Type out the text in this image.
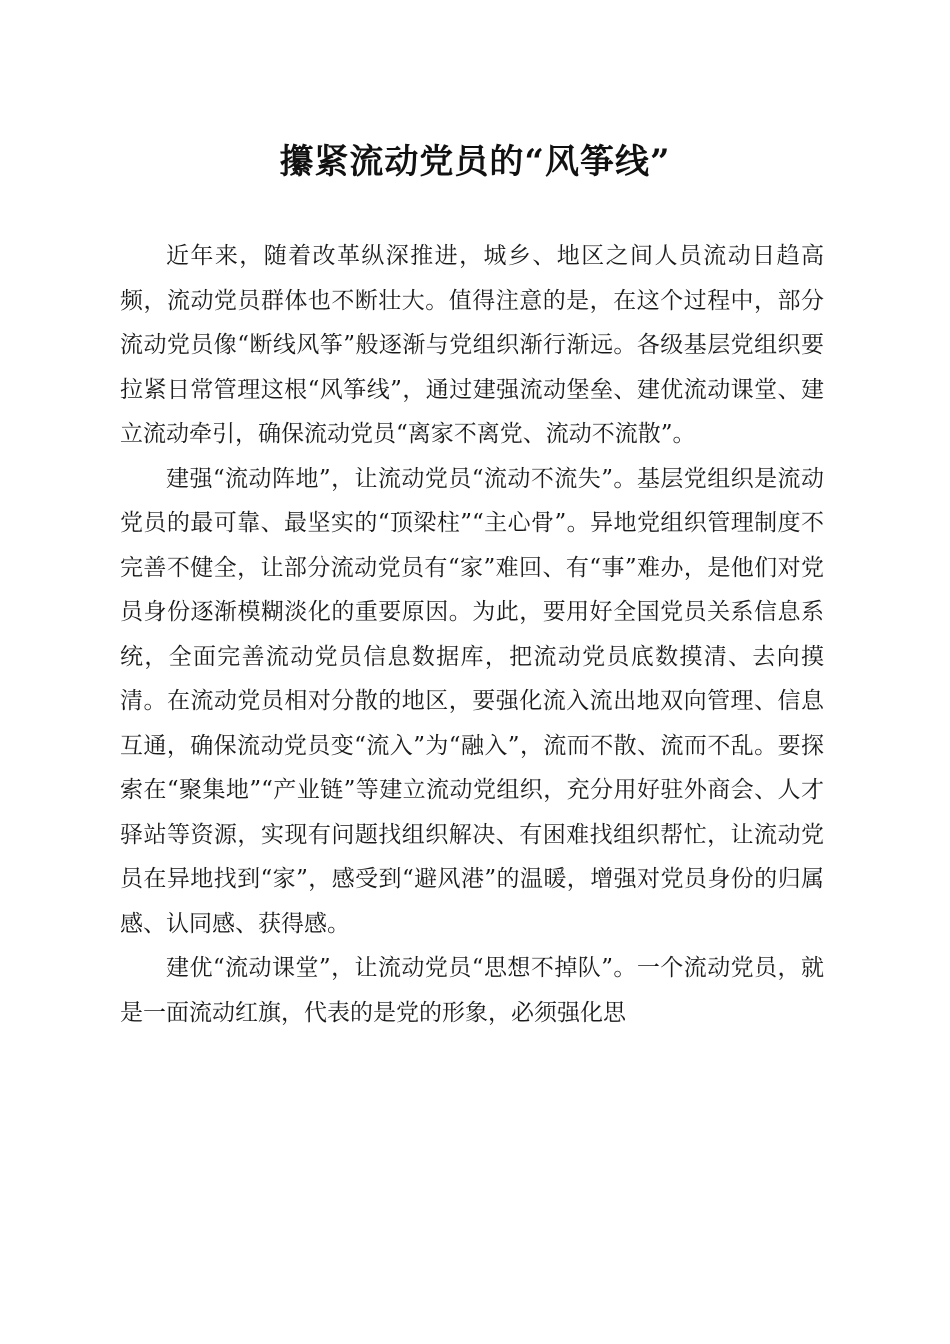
攥紧流动党员的“风筝线”

近年来，随着改革纵深推进，城乡、地区之间人员流动日趋高频，流动党员群体也不断壮大。值得注意的是，在这个过程中，部分流动党员像“断线风筝”般逐渐与党组织渐行渐远。各级基层党组织要拉紧日常管理这根“风筝线”，通过建强流动堡垒、建优流动课堂、建立流动牵引，确保流动党员“离家不离党、流动不流散”。

建强“流动阵地”，让流动党员“流动不流失”。基层党组织是流动党员的最可靠、最坚实的“顶梁柱”“主心骨”。异地党组织管理制度不完善不健全，让部分流动党员有“家”难回、有“事”难办，是他们对党员身份逐渐模糊淡化的重要原因。为此，要用好全国党员关系信息系统，全面完善流动党员信息数据库，把流动党员底数摸清、去向摸清。在流动党员相对分散的地区，要强化流入流出地双向管理、信息互通，确保流动党员变“流入”为“融入”，流而不散、流而不乱。要探索在“聚集地”“产业链”等建立流动党组织，充分用好驻外商会、人才驿站等资源，实现有问题找组织解决、有困难找组织帮忙，让流动党员在异地找到“家”，感受到“避风港”的温暖，增强对党员身份的归属感、认同感、获得感。

建优“流动课堂”，让流动党员“思想不掉队”。一个流动党员，就是一面流动红旗，代表的是党的形象，必须强化思
